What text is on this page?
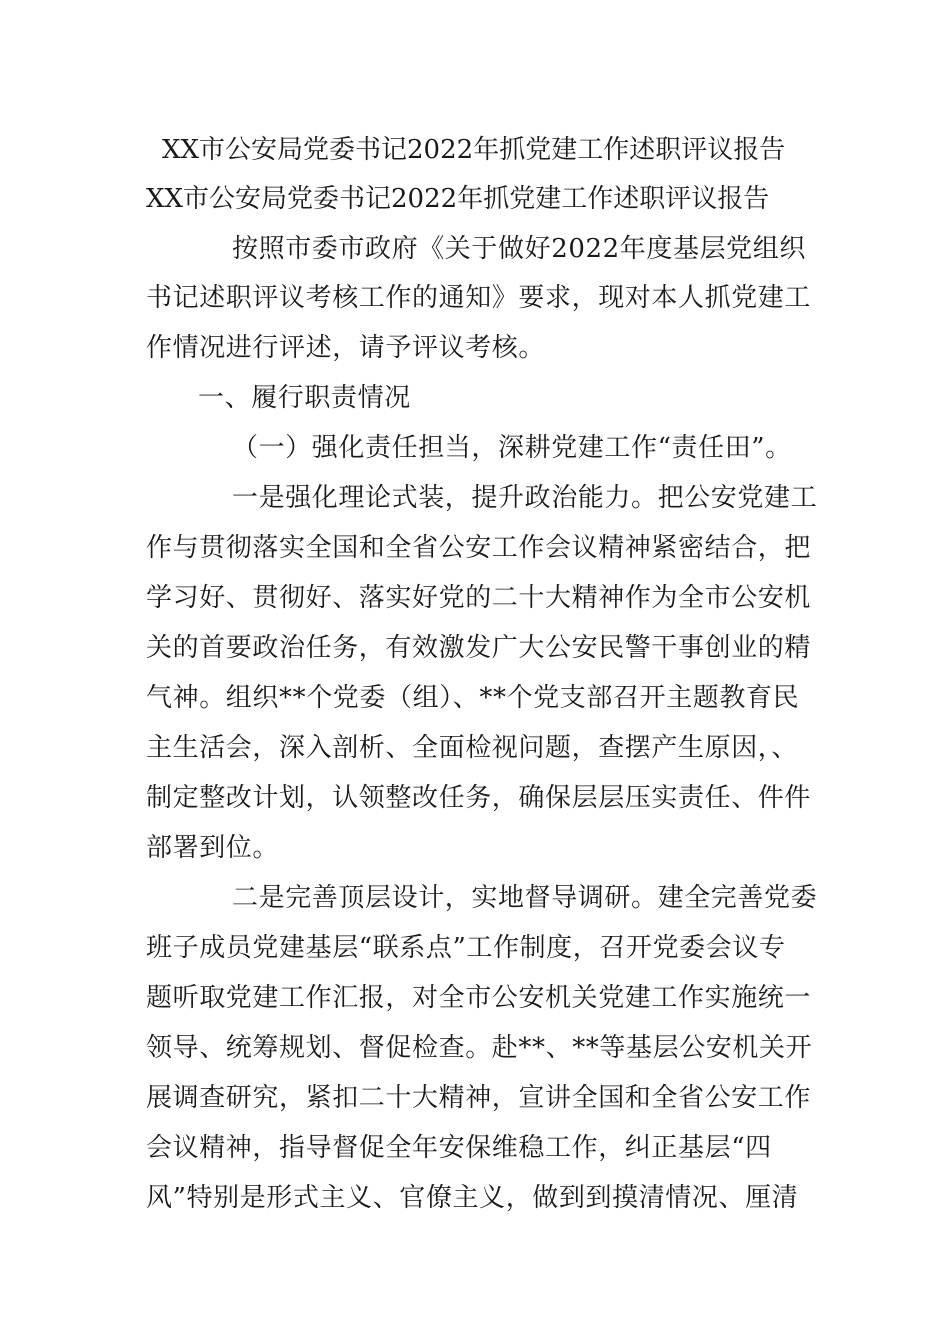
XX市公安局党委书记2022年抓党建工作述职评议报告
XX市公安局党委书记2022年抓党建工作述职评议报告
按照市委市政府《关于做好2022年度基层党组织
书记述职评议考核工作的通知》要求，现对本人抓党建工
作情况进行评述，请予评议考核。
一、履行职责情况
（一）强化责任担当，深耕党建工作“责任田”。
一是强化理论式装，提升政治能力。把公安党建工
作与贯彻落实全国和全省公安工作会议精神紧密结合，把
学习好、贯彻好、落实好党的二十大精神作为全市公安机
关的首要政治任务，有效激发广大公安民警干事创业的精
气神。组织**个党委（组）、**个党支部召开主题教育民
主生活会，深入剖析、全面检视问题，查摆产生原因，、
制定整改计划，认领整改任务，确保层层压实责任、件件
部署到位。
二是完善顶层设计，实地督导调研。建全完善党委
班子成员党建基层“联系点”工作制度，召开党委会议专
题听取党建工作汇报，对全市公安机关党建工作实施统一
领导、统筹规划、督促检查。赴**、**等基层公安机关开
展调查研究，紧扣二十大精神，宣讲全国和全省公安工作
会议精神，指导督促全年安保维稳工作，纠正基层“四
风”特别是形式主义、官僚主义，做到到摸清情况、厘清
